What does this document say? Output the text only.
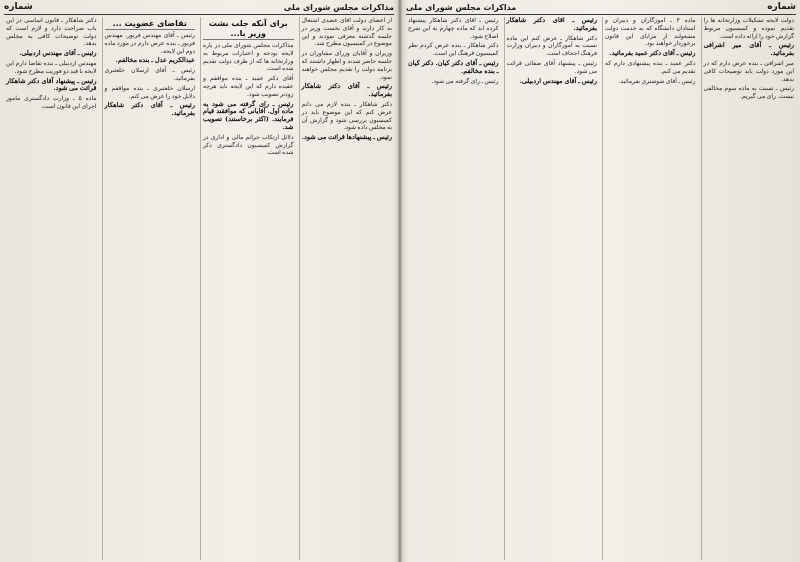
شماره
مذاکرات مجلس شورای ملی

دولت لایحه تشکیلات وزارتخانه ها را تقدیم نموده و کمیسیون مربوط گزارش خود را ارائه داده است.

رئیس ـ آقای میر اشرافی بفرمائید.

میر اشرافی ـ بنده عرض دارم که در این مورد دولت باید توضیحات کافی بدهد.

رئیس ـ نسبت به ماده سوم مخالفی نیست. رای می گیریم.

ماده ۴ ـ آموزگاران و دبیران و استادان دانشگاه که به خدمت دولت مشغولند از مزایای این قانون برخوردار خواهند بود.

رئیس ـ آقای دکتر عمید بفرمائید.

دکتر عمید ـ بنده پیشنهادی دارم که تقدیم می کنم.

رئیس ـ آقای شوشتری بفرمائید.

رئیس ـ آقای دکتر شاهکار بفرمائید.

دکتر شاهکار ـ عرض کنم این ماده نسبت به آموزگاران و دبیران وزارت فرهنگ اجحاف است.

رئیس ـ پیشنهاد آقای صفائی قرائت می شود.

رئیس ـ آقای مهندس اردبیلی.

رئیس ـ آقای دکتر شاهکار پیشنهاد کرده اند که ماده چهارم به این شرح اصلاح شود.

دکتر شاهکار ـ بنده عرض کردم نظر کمیسیون فرهنگ این است.

رئیس ـ آقای دکتر کیان. دکتر کیان ـ بنده مخالفم.

رئیس ـ رای گرفته می شود.

مذاکرات مجلس شورای ملی
شماره

از اعضای دولت آقای عضدی اشتغال به کار دارند و آقای نخست وزیر در جلسه گذشته معرفی نمودند و این موضوع در کمیسیون مطرح شد.

وزیران و آقایان وزرای مشاوران در جلسه حاضر شدند و اظهار داشتند که برنامه دولت را تقدیم مجلس خواهند نمود.

رئیس ـ آقای دکتر شاهکار بفرمائید.

دکتر شاهکار ـ بنده لازم می دانم عرض کنم که این موضوع باید در کمیسیون بررسی شود و گزارش آن به مجلس داده شود.

رئیس ـ پیشنهادها قرائت می شود.

برای آنکه جلب نشت وزیر با...

مذاکرات مجلس شورای ملی در باره لایحه بودجه و اعتبارات مربوط به وزارتخانه ها که از طرف دولت تقدیم شده است.

آقای دکتر عمید ـ بنده موافقم و عقیده دارم که این لایحه باید هرچه زودتر تصویب شود.

رئیس ـ رای گرفته می شود به ماده اول. آقایانی که موافقند قیام فرمایند. (اکثر برخاستند) تصویب شد.

دلائل ارتکاب جرائم مالی و اداری در گزارش کمیسیون دادگستری ذکر شده است.

تقاضای عضویت ...

رئیس ـ آقای مهندس فریور. مهندس فریور ـ بنده عرض دارم در مورد ماده دوم این لایحه.

عبدالکریم عدل ـ بنده مخالفم.

رئیس ـ آقای ارسلان خلعتبری بفرمائید.

ارسلان خلعتبری ـ بنده موافقم و دلایل خود را عرض می کنم.

رئیس ـ آقای دکتر شاهکار بفرمائید.

دکتر شاهکار ـ قانون اساسی در این باب صراحت دارد و لازم است که دولت توضیحات کافی به مجلس بدهد.

رئیس ـ آقای مهندس اردبیلی.

مهندس اردبیلی ـ بنده تقاضا دارم این لایحه با قید دو فوریت مطرح شود.

رئیس ـ پیشنهاد آقای دکتر شاهکار قرائت می شود.

ماده ۵ ـ وزارت دادگستری مامور اجرای این قانون است.
